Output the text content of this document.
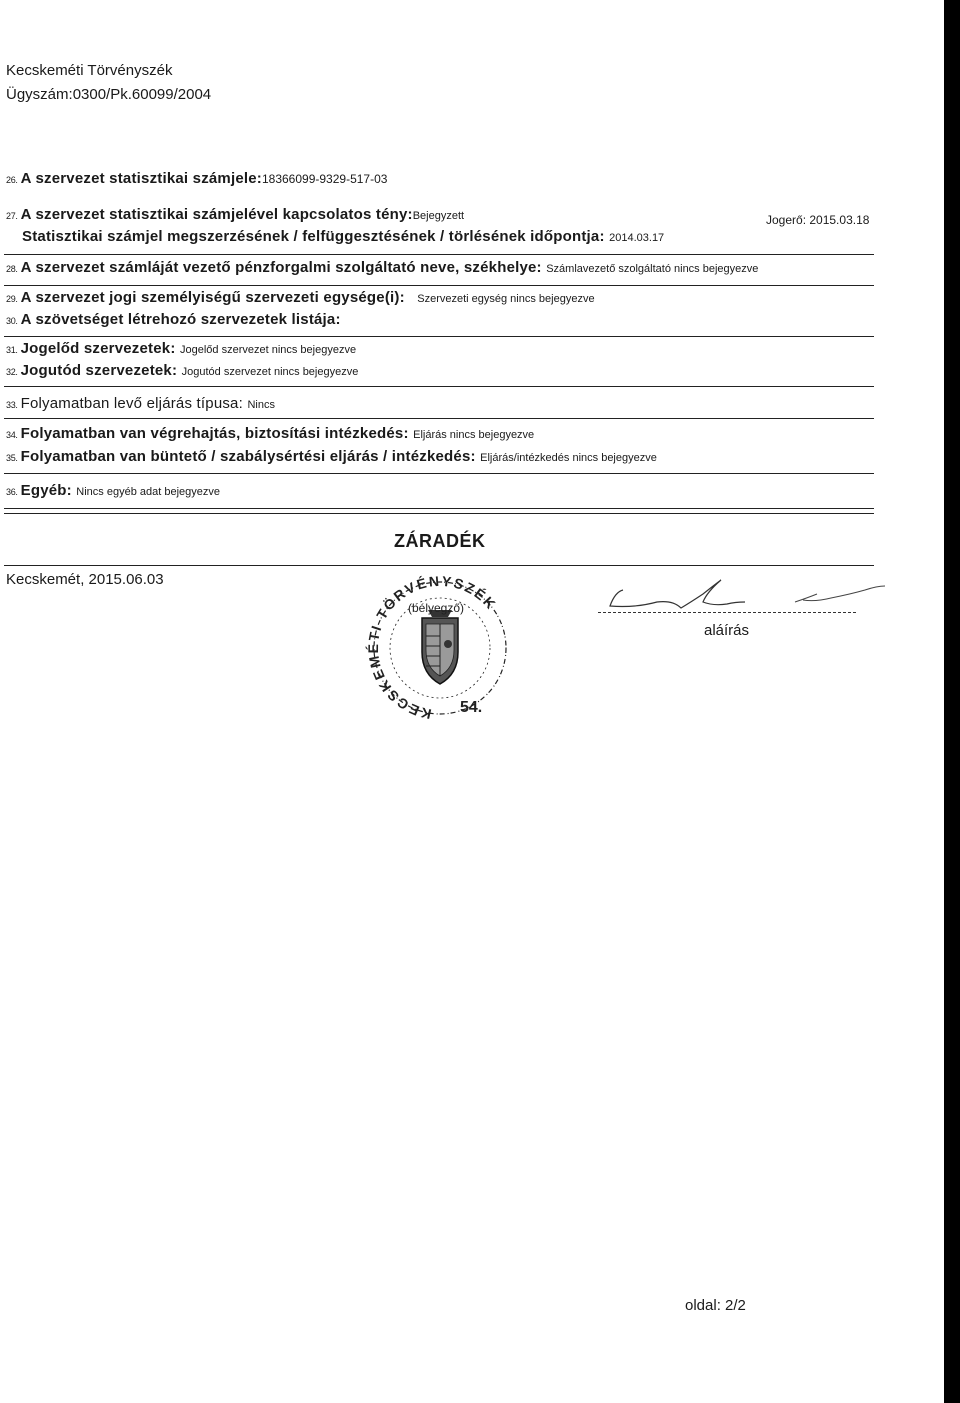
Kecskeméti Törvényszék
Ügyszám:0300/Pk.60099/2004
26. A szervezet statisztikai számjele:18366099-9329-517-03
27. A szervezet statisztikai számjelével kapcsolatos tény:Bejegyzett	Jogerő: 2015.03.18
Statisztikai számjel megszerzésének / felfüggesztésének / törlésének időpontja: 2014.03.17
28. A szervezet számláját vezető pénzforgalmi szolgáltató neve, székhelye: Számlavezető szolgáltató nincs bejegyezve
29. A szervezet jogi személyiségű szervezeti egysége(i): Szervezeti egység nincs bejegyezve
30. A szövetséget létrehozó szervezetek listája:
31. Jogelőd szervezetek: Jogelőd szervezet nincs bejegyezve
32. Jogutód szervezetek: Jogutód szervezet nincs bejegyezve
33. Folyamatban levő eljárás típusa: Nincs
34. Folyamatban van végrehajtás, biztosítási intézkedés: Eljárás nincs bejegyezve
35. Folyamatban van büntető / szabálysértési eljárás / intézkedés: Eljárás/intézkedés nincs bejegyezve
36. Egyéb: Nincs egyéb adat bejegyezve
ZÁRADÉK
Kecskemét, 2015.06.03
(bélyegző)
KECSKEMÉTI TÖRVÉNYSZÉK
54.
aláírás
oldal: 2/2
